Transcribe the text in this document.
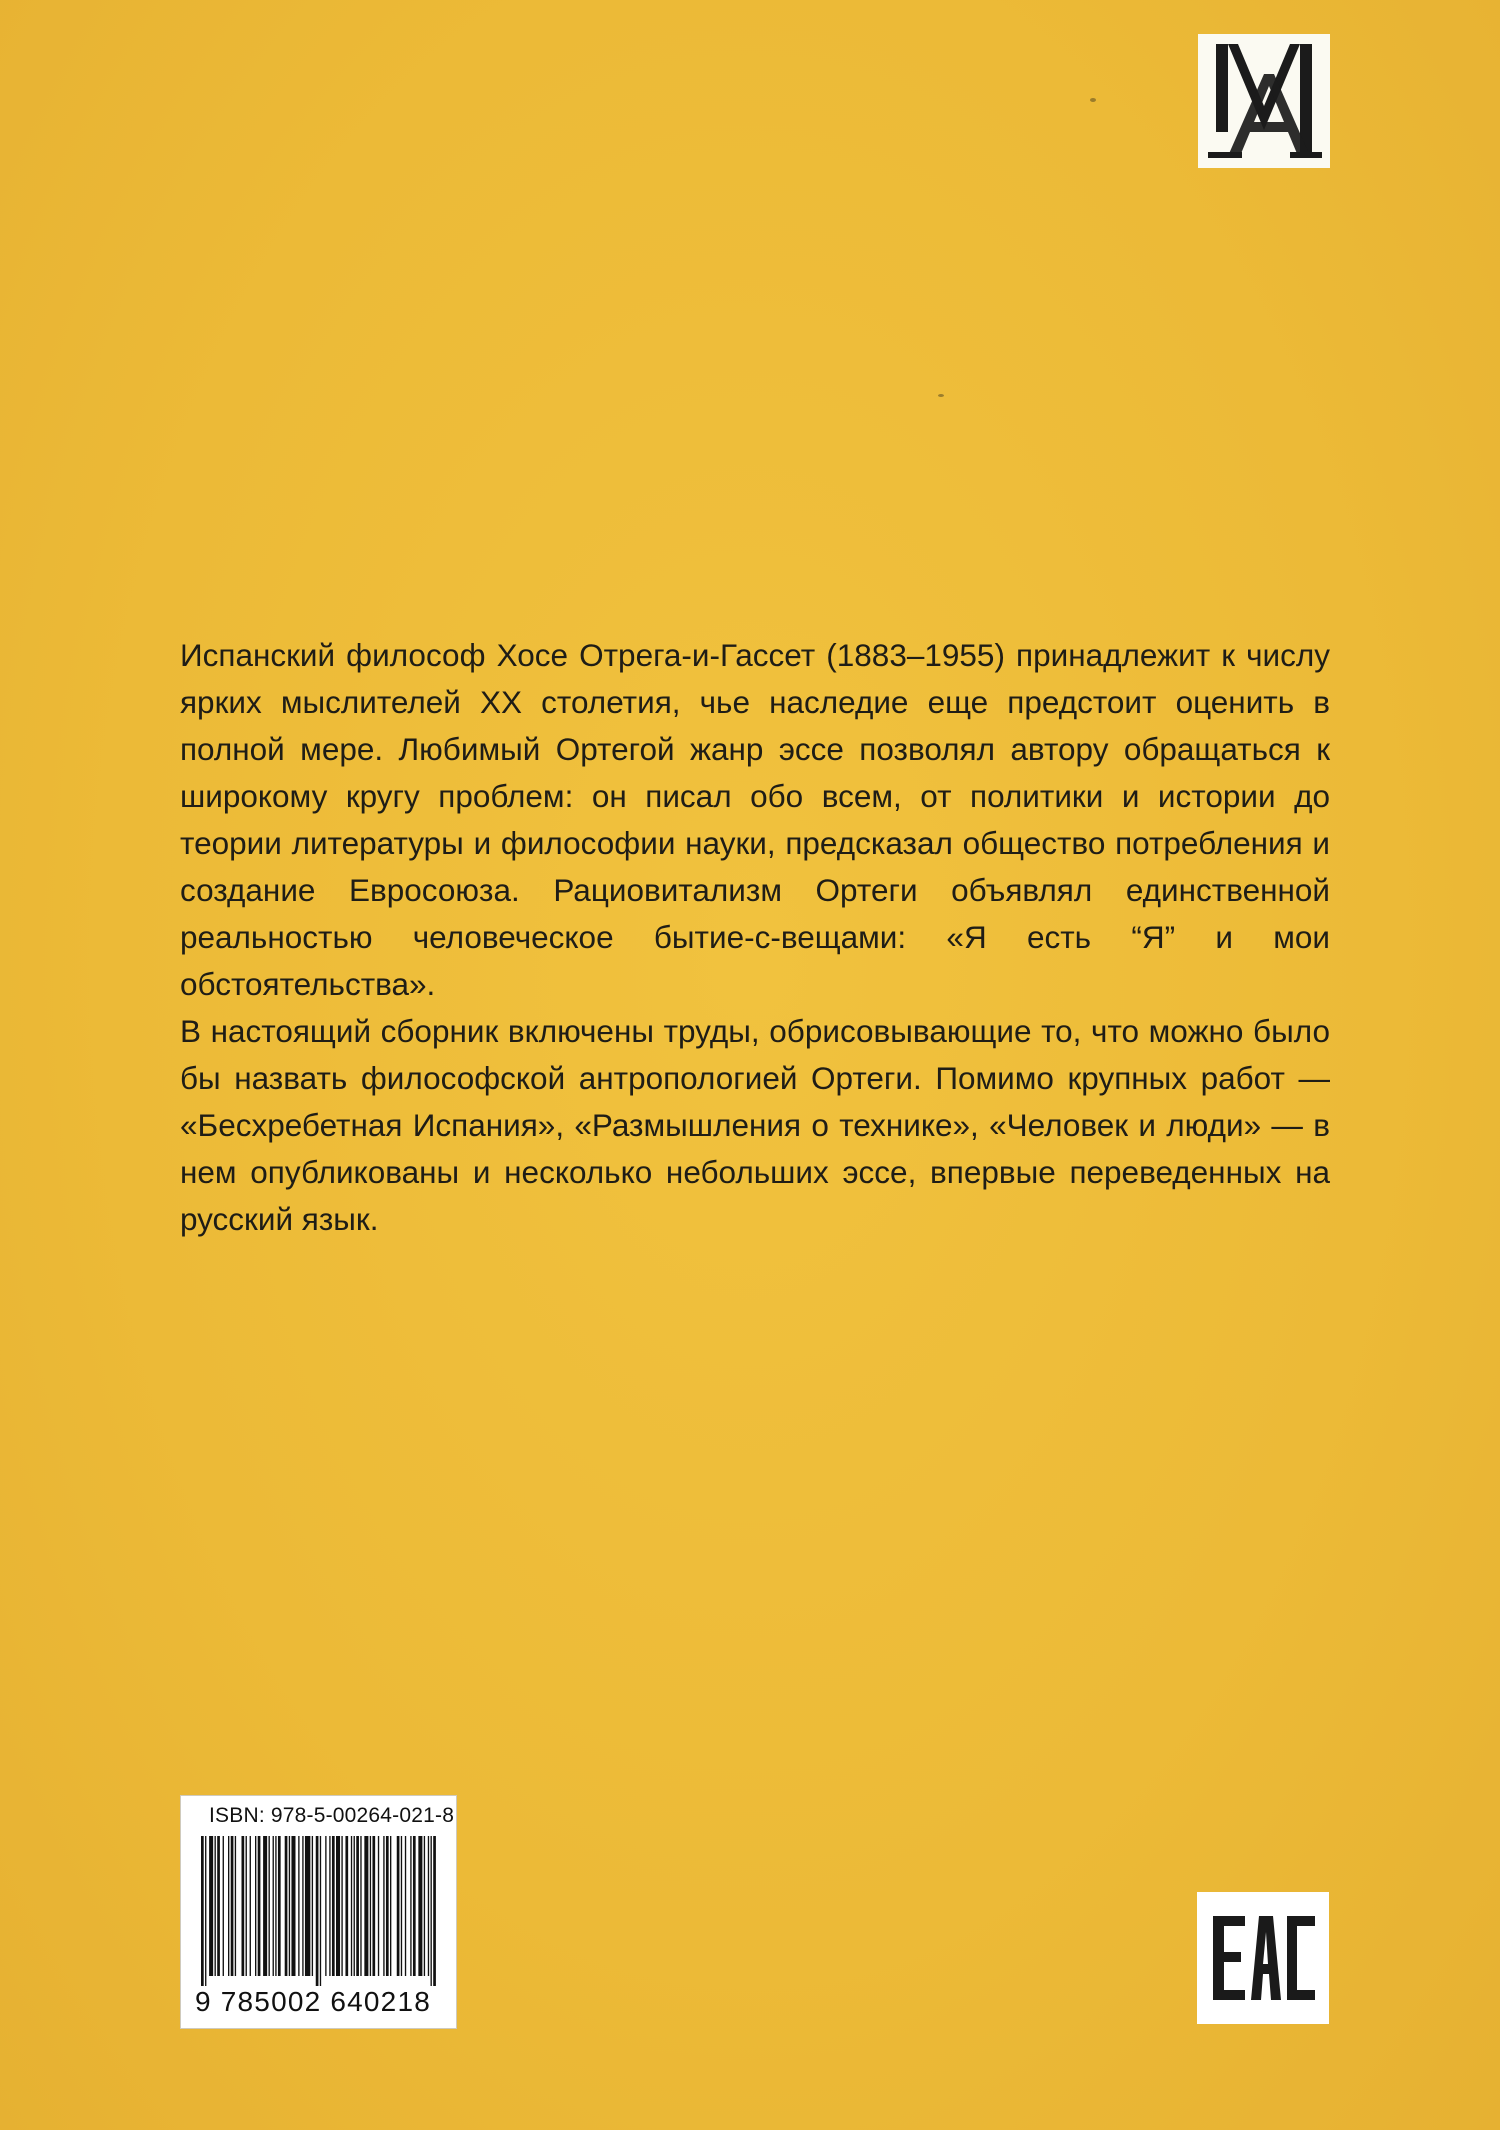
Испанский философ Хосе Отрега-и-Гассет (1883–1955) принадлежит к числу ярких мыслителей ХХ столетия, чье наследие еще предстоит оценить в полной мере. Любимый Ортегой жанр эссе позволял автору обращаться к широкому кругу проблем: он писал обо всем, от политики и истории до теории литературы и философии науки, предсказал общество потребления и создание Евросоюза. Рациовитализм Ортеги объявлял единственной реальностью человеческое бытие-с-вещами: «Я есть “Я” и мои обстоятельства».

В настоящий сборник включены труды, обрисовывающие то, что можно было бы назвать философской антропологией Ортеги. Помимо крупных работ — «Бесхребетная Испания», «Размышления о технике», «Человек и люди» — в нем опубликованы и несколько небольших эссе, впервые переведенных на русский язык.

ISBN: 978-5-00264-021-8
9 785002 640218
